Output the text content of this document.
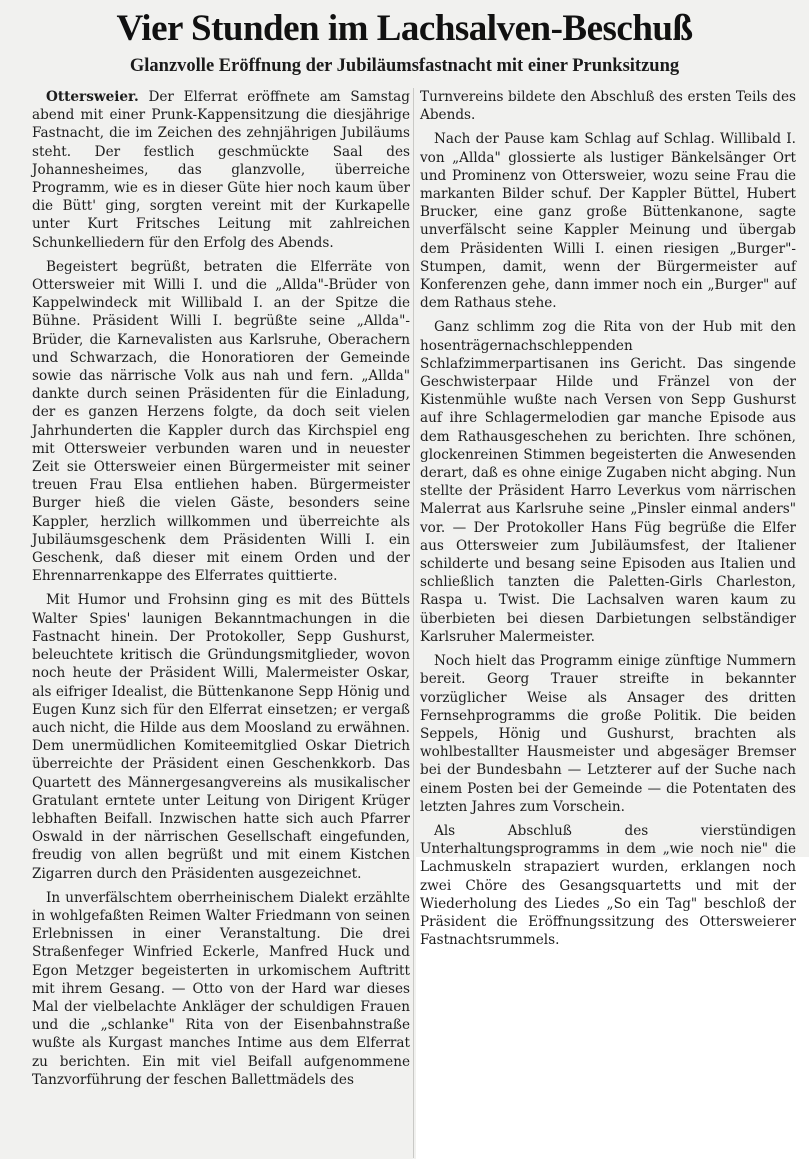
Vier Stunden im Lachsalven-Beschuß
Glanzvolle Eröffnung der Jubiläumsfastnacht mit einer Prunksitzung

Ottersweier. Der Elferrat eröffnete am Samstag abend mit einer Prunk-Kappensitzung die diesjährige Fastnacht, die im Zeichen des zehnjährigen Jubiläums steht. Der festlich geschmückte Saal des Johannesheimes, das glanzvolle, überreiche Programm, wie es in dieser Güte hier noch kaum über die Bütt' ging, sorgten vereint mit der Kurkapelle unter Kurt Fritsches Leitung mit zahlreichen Schunkelliedern für den Erfolg des Abends.

Begeistert begrüßt, betraten die Elferräte von Ottersweier mit Willi I. und die „Allda"-Brüder von Kappelwindeck mit Willibald I. an der Spitze die Bühne. Präsident Willi I. begrüßte seine „Allda"-Brüder, die Karnevalisten aus Karlsruhe, Oberachern und Schwarzach, die Honoratioren der Gemeinde sowie das närrische Volk aus nah und fern. „Allda" dankte durch seinen Präsidenten für die Einladung, der es ganzen Herzens folgte, da doch seit vielen Jahrhunderten die Kappler durch das Kirchspiel eng mit Ottersweier verbunden waren und in neuester Zeit sie Ottersweier einen Bürgermeister mit seiner treuen Frau Elsa entliehen haben. Bürgermeister Burger hieß die vielen Gäste, besonders seine Kappler, herzlich willkommen und überreichte als Jubiläumsgeschenk dem Präsidenten Willi I. ein Geschenk, daß dieser mit einem Orden und der Ehrennarrenkappe des Elferrates quittierte.

Mit Humor und Frohsinn ging es mit des Büttels Walter Spies' launigen Bekanntmachungen in die Fastnacht hinein. Der Protokoller, Sepp Gushurst, beleuchtete kritisch die Gründungsmitglieder, wovon noch heute der Präsident Willi, Malermeister Oskar, als eifriger Idealist, die Büttenkanone Sepp Hönig und Eugen Kunz sich für den Elferrat einsetzen; er vergaß auch nicht, die Hilde aus dem Moosland zu erwähnen. Dem unermüdlichen Komiteemitglied Oskar Dietrich überreichte der Präsident einen Geschenkkorb. Das Quartett des Männergesangvereins als musikalischer Gratulant erntete unter Leitung von Dirigent Krüger lebhaften Beifall. Inzwischen hatte sich auch Pfarrer Oswald in der närrischen Gesellschaft eingefunden, freudig von allen begrüßt und mit einem Kistchen Zigarren durch den Präsidenten ausgezeichnet.

In unverfälschtem oberrheinischem Dialekt erzählte in wohlgefaßten Reimen Walter Friedmann von seinen Erlebnissen in einer Veranstaltung. Die drei Straßenfeger Winfried Eckerle, Manfred Huck und Egon Metzger begeisterten in urkomischem Auftritt mit ihrem Gesang. — Otto von der Hard war dieses Mal der vielbelachte Ankläger der schuldigen Frauen und die „schlanke" Rita von der Eisenbahnstraße wußte als Kurgast manches Intime aus dem Elferrat zu berichten. Ein mit viel Beifall aufgenommene Tanzvorführung der feschen Ballettmädels des

Turnvereins bildete den Abschluß des ersten Teils des Abends.

Nach der Pause kam Schlag auf Schlag. Willibald I. von „Allda" glossierte als lustiger Bänkelsänger Ort und Prominenz von Ottersweier, wozu seine Frau die markanten Bilder schuf. Der Kappler Büttel, Hubert Brucker, eine ganz große Büttenkanone, sagte unverfälscht seine Kappler Meinung und übergab dem Präsidenten Willi I. einen riesigen „Burger"-Stumpen, damit, wenn der Bürgermeister auf Konferenzen gehe, dann immer noch ein „Burger" auf dem Rathaus stehe.

Ganz schlimm zog die Rita von der Hub mit den hosenträgernachschleppenden Schlafzimmerpartisanen ins Gericht. Das singende Geschwisterpaar Hilde und Fränzel von der Kistenmühle wußte nach Versen von Sepp Gushurst auf ihre Schlagermelodien gar manche Episode aus dem Rathausgeschehen zu berichten. Ihre schönen, glockenreinen Stimmen begeisterten die Anwesenden derart, daß es ohne einige Zugaben nicht abging. Nun stellte der Präsident Harro Leverkus vom närrischen Malerrat aus Karlsruhe seine „Pinsler einmal anders" vor. — Der Protokoller Hans Füg begrüße die Elfer aus Ottersweier zum Jubiläumsfest, der Italiener schilderte und besang seine Episoden aus Italien und schließlich tanzten die Paletten-Girls Charleston, Raspa u. Twist. Die Lachsalven waren kaum zu überbieten bei diesen Darbietungen selbständiger Karlsruher Malermeister.

Noch hielt das Programm einige zünftige Nummern bereit. Georg Trauer streifte in bekannter vorzüglicher Weise als Ansager des dritten Fernsehprogramms die große Politik. Die beiden Seppels, Hönig und Gushurst, brachten als wohlbestallter Hausmeister und abgesäger Bremser bei der Bundesbahn — Letzterer auf der Suche nach einem Posten bei der Gemeinde — die Potentaten des letzten Jahres zum Vorschein.

Als Abschluß des vierstündigen Unterhaltungsprogramms in dem „wie noch nie" die Lachmuskeln strapaziert wurden, erklangen noch zwei Chöre des Gesangsquartetts und mit der Wiederholung des Liedes „So ein Tag" beschloß der Präsident die Eröffnungssitzung des Ottersweierer Fastnachtsrummels.
